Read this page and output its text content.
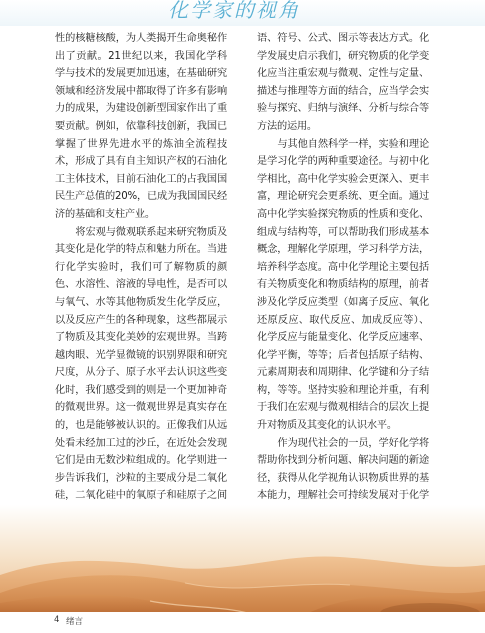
化学家的视角

性的核糖核酸，为人类揭开生命奥秘作出了贡献。21世纪以来，我国化学科学与技术的发展更加迅速，在基础研究领域和经济发展中都取得了许多有影响力的成果，为建设创新型国家作出了重要贡献。例如，依靠科技创新，我国已掌握了世界先进水平的炼油全流程技术，形成了具有自主知识产权的石油化工主体技术，目前石油化工的占我国国民生产总值的20%，已成为我国国民经济的基础和支柱产业。

将宏观与微观联系起来研究物质及其变化是化学的特点和魅力所在。当进行化学实验时，我们可了解物质的颜色、水溶性、溶液的导电性，是否可以与氧气、水等其他物质发生化学反应，以及反应产生的各种现象，这些都展示了物质及其变化美妙的宏观世界。当跨越肉眼、光学显微镜的识别界限和研究尺度，从分子、原子水平去认识这些变化时，我们感受到的则是一个更加神奇的微观世界。这一微观世界是真实存在的，也是能够被认识的。正像我们从远处看未经加工过的沙丘，在近处会发现它们是由无数沙粒组成的。化学则进一步告诉我们，沙粒的主要成分是二氧化硅，二氧化硅中的氧原子和硅原子之间

语、符号、公式、图示等表达方式。化学发展史启示我们，研究物质的化学变化应当注重宏观与微观、定性与定量、描述与推理等方面的结合，应当学会实验与探究、归纳与演绎、分析与综合等方法的运用。

与其他自然科学一样，实验和理论是学习化学的两种重要途径。与初中化学相比，高中化学实验会更深入、更丰富，理论研究会更系统、更全面。通过高中化学实验探究物质的性质和变化、组成与结构等，可以帮助我们形成基本概念，理解化学原理，学习科学方法，培养科学态度。高中化学理论主要包括有关物质变化和物质结构的原理，前者涉及化学反应类型（如离子反应、氧化还原反应、取代反应、加成反应等）、化学反应与能量变化、化学反应速率、化学平衡，等等；后者包括原子结构、元素周期表和周期律、化学键和分子结构，等等。坚持实验和理论并重，有利于我们在宏观与微观相结合的层次上提升对物质及其变化的认识水平。

作为现代社会的一员，学好化学将帮助你找到分析问题、解决问题的新途径，获得从化学视角认识物质世界的基本能力，理解社会可持续发展对于化学

4 绪言
